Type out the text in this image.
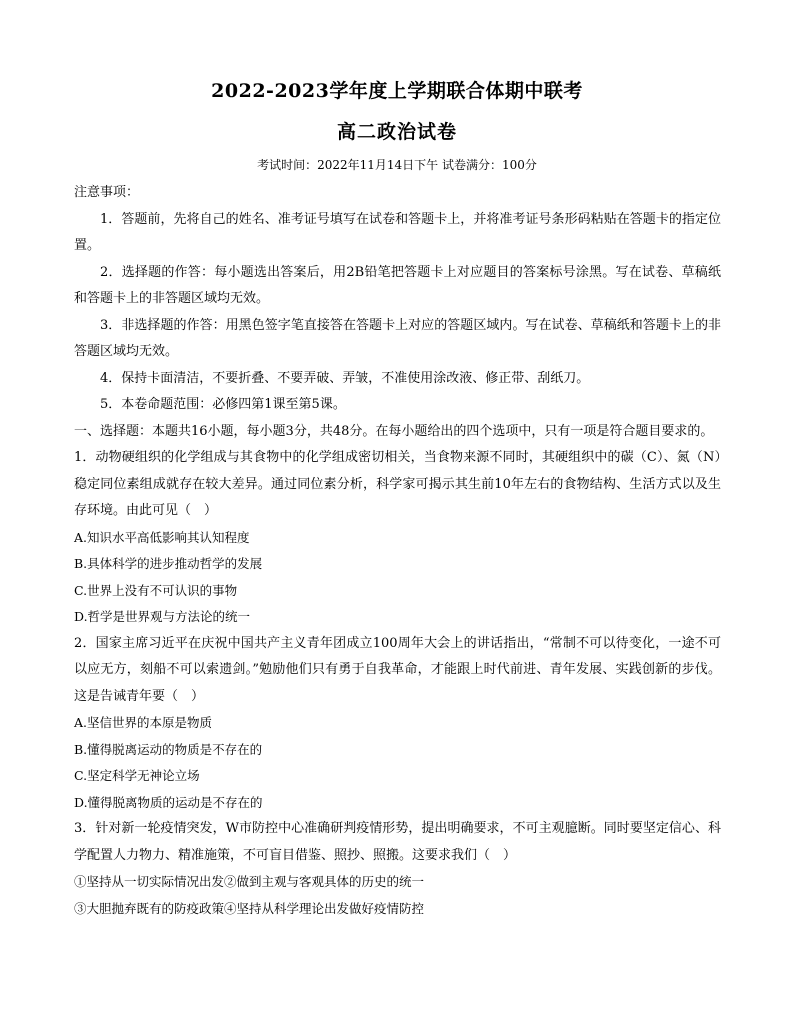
2022-2023学年度上学期联合体期中联考
高二政治试卷
考试时间：2022年11月14日下午 试卷满分：100分

注意事项：

1．答题前，先将自己的姓名、准考证号填写在试卷和答题卡上，并将准考证号条形码粘贴在答题卡的指定位置。

2．选择题的作答：每小题选出答案后，用2B铅笔把答题卡上对应题目的答案标号涂黑。写在试卷、草稿纸和答题卡上的非答题区域均无效。

3．非选择题的作答：用黑色签字笔直接答在答题卡上对应的答题区域内。写在试卷、草稿纸和答题卡上的非答题区域均无效。

4．保持卡面清洁，不要折叠、不要弄破、弄皱，不准使用涂改液、修正带、刮纸刀。

5．本卷命题范围：必修四第1课至第5课。

一、选择题：本题共16小题，每小题3分，共48分。在每小题给出的四个选项中，只有一项是符合题目要求的。

1．动物硬组织的化学组成与其食物中的化学组成密切相关，当食物来源不同时，其硬组织中的碳（C）、氮（N）稳定同位素组成就存在较大差异。通过同位素分析，科学家可揭示其生前10年左右的食物结构、生活方式以及生存环境。由此可见（　）

A.知识水平高低影响其认知程度

B.具体科学的进步推动哲学的发展

C.世界上没有不可认识的事物

D.哲学是世界观与方法论的统一

2．国家主席习近平在庆祝中国共产主义青年团成立100周年大会上的讲话指出，“常制不可以待变化，一途不可以应无方，刻船不可以索遗剑。”勉励他们只有勇于自我革命，才能跟上时代前进、青年发展、实践创新的步伐。这是告诫青年要（　）

A.坚信世界的本原是物质

B.懂得脱离运动的物质是不存在的

C.坚定科学无神论立场

D.懂得脱离物质的运动是不存在的

3．针对新一轮疫情突发，W市防控中心准确研判疫情形势，提出明确要求，不可主观臆断。同时要坚定信心、科学配置人力物力、精准施策，不可盲目借鉴、照抄、照搬。这要求我们（　）

①坚持从一切实际情况出发②做到主观与客观具体的历史的统一

③大胆抛弃既有的防疫政策④坚持从科学理论出发做好疫情防控
